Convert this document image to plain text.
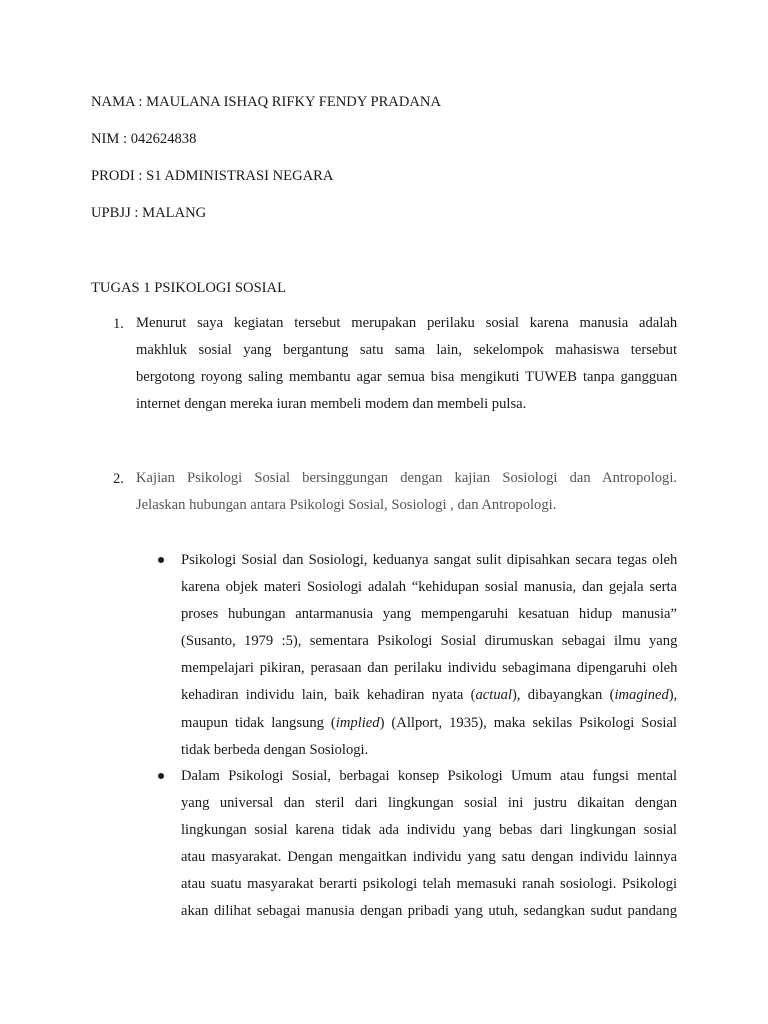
NAMA : MAULANA ISHAQ RIFKY FENDY PRADANA
NIM : 042624838
PRODI : S1 ADMINISTRASI NEGARA
UPBJJ : MALANG
TUGAS 1 PSIKOLOGI SOSIAL
1. Menurut saya kegiatan tersebut merupakan perilaku sosial karena manusia adalah
makhluk sosial yang bergantung satu sama lain, sekelompok mahasiswa tersebut
bergotong royong saling membantu agar semua bisa mengikuti TUWEB tanpa gangguan
internet dengan mereka iuran membeli modem dan membeli pulsa.
2. Kajian Psikologi Sosial bersinggungan dengan kajian Sosiologi dan Antropologi.
Jelaskan hubungan antara Psikologi Sosial, Sosiologi , dan Antropologi.
Psikologi Sosial dan Sosiologi, keduanya sangat sulit dipisahkan secara tegas oleh
karena objek materi Sosiologi adalah “kehidupan sosial manusia, dan gejala serta
proses hubungan antarmanusia yang mempengaruhi kesatuan hidup manusia”
(Susanto, 1979 :5), sementara Psikologi Sosial dirumuskan sebagai ilmu yang
mempelajari pikiran, perasaan dan perilaku individu sebagimana dipengaruhi oleh
kehadiran individu lain, baik kehadiran nyata (actual), dibayangkan (imagined),
maupun tidak langsung (implied) (Allport, 1935), maka sekilas Psikologi Sosial
tidak berbeda dengan Sosiologi.
Dalam Psikologi Sosial, berbagai konsep Psikologi Umum atau fungsi mental
yang universal dan steril dari lingkungan sosial ini justru dikaitan dengan
lingkungan sosial karena tidak ada individu yang bebas dari lingkungan sosial
atau masyarakat. Dengan mengaitkan individu yang satu dengan individu lainnya
atau suatu masyarakat berarti psikologi telah memasuki ranah sosiologi. Psikologi
akan dilihat sebagai manusia dengan pribadi yang utuh, sedangkan sudut pandang
